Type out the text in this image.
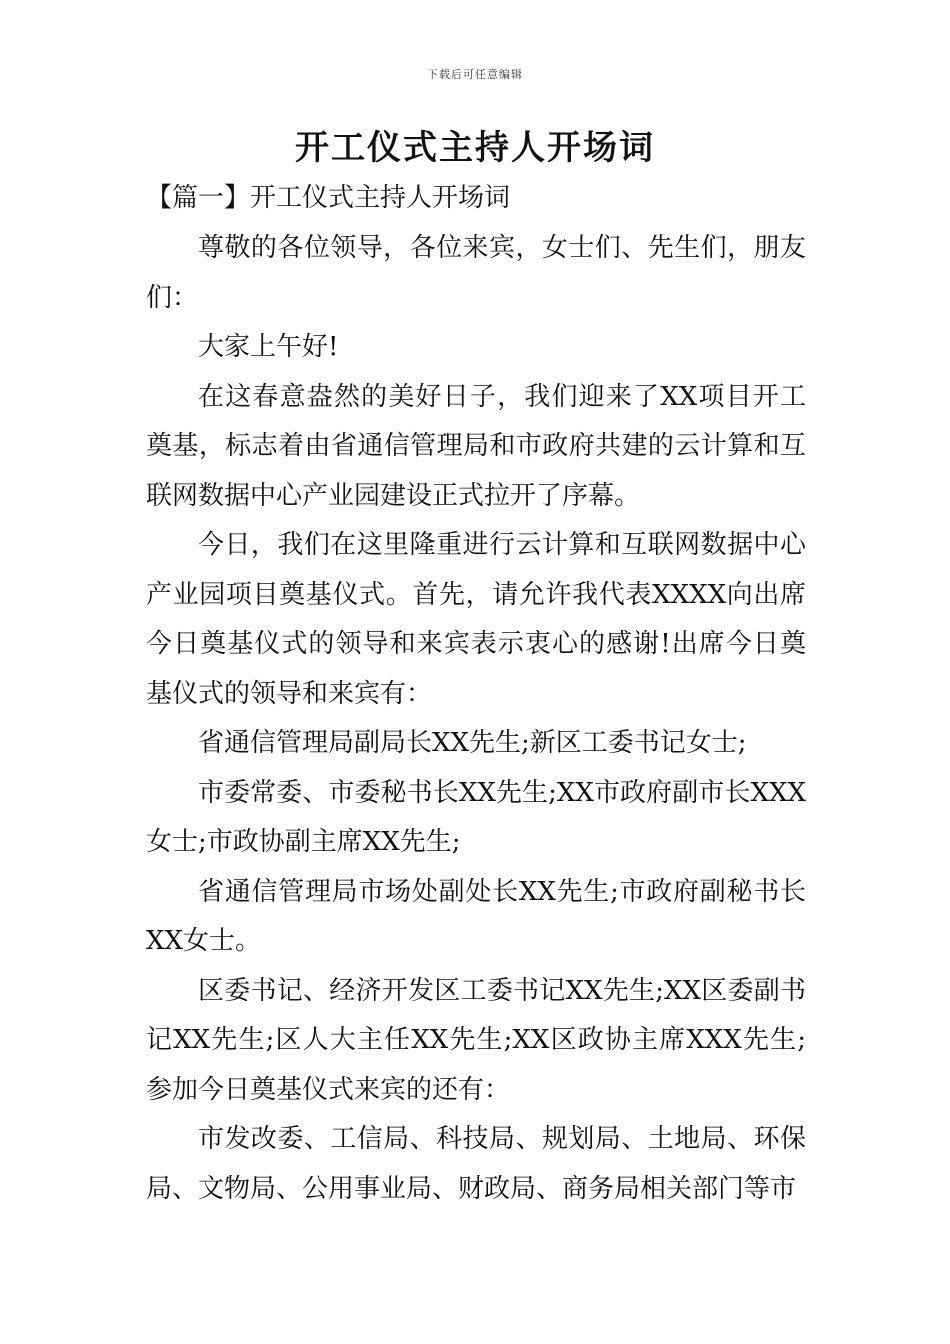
下载后可任意编辑
开工仪式主持人开场词
【篇一】开工仪式主持人开场词

尊敬的各位领导，各位来宾，女士们、先生们，朋友们：

大家上午好!

在这春意盎然的美好日子，我们迎来了XX项目开工奠基，标志着由省通信管理局和市政府共建的云计算和互联网数据中心产业园建设正式拉开了序幕。

今日，我们在这里隆重进行云计算和互联网数据中心产业园项目奠基仪式。首先，请允许我代表XXXX向出席今日奠基仪式的领导和来宾表示衷心的感谢!出席今日奠基仪式的领导和来宾有：

省通信管理局副局长XX先生;新区工委书记女士;

市委常委、市委秘书长XX先生;XX市政府副市长XXX女士;市政协副主席XX先生;

省通信管理局市场处副处长XX先生;市政府副秘书长XX女士。

区委书记、经济开发区工委书记XX先生;XX区委副书记XX先生;区人大主任XX先生;XX区政协主席XXX先生;参加今日奠基仪式来宾的还有：

市发改委、工信局、科技局、规划局、土地局、环保局、文物局、公用事业局、财政局、商务局相关部门等市
